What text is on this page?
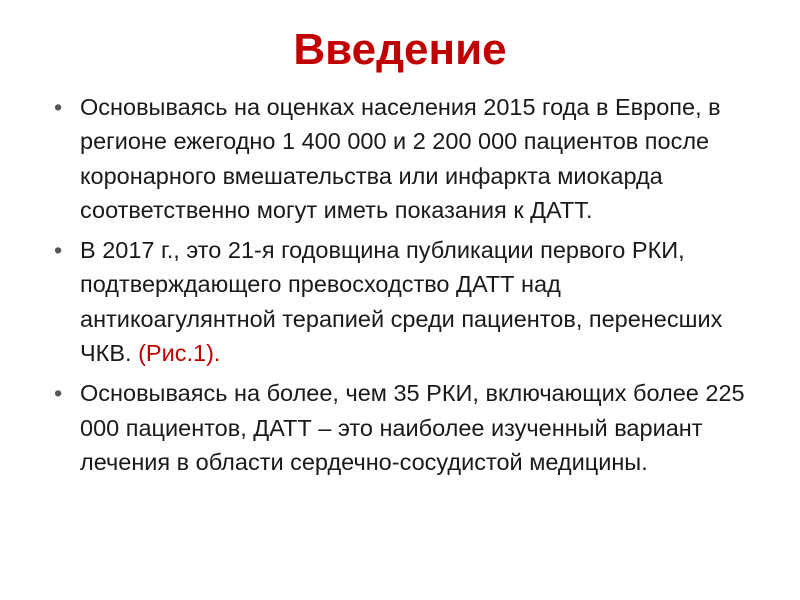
Введение
• Основываясь на оценках населения 2015 года в Европе, в регионе ежегодно 1 400 000 и 2 200 000 пациентов после коронарного вмешательства или инфаркта миокарда соответственно могут иметь показания к ДАТТ.
• В 2017 г., это 21-я годовщина публикации первого РКИ, подтверждающего превосходство ДАТТ над антикоагулянтной терапией среди пациентов, перенесших ЧКВ. (Рис.1).
• Основываясь на более, чем 35 РКИ, включающих более 225 000 пациентов, ДАТТ – это наиболее изученный вариант лечения в области сердечно-сосудистой медицины.
